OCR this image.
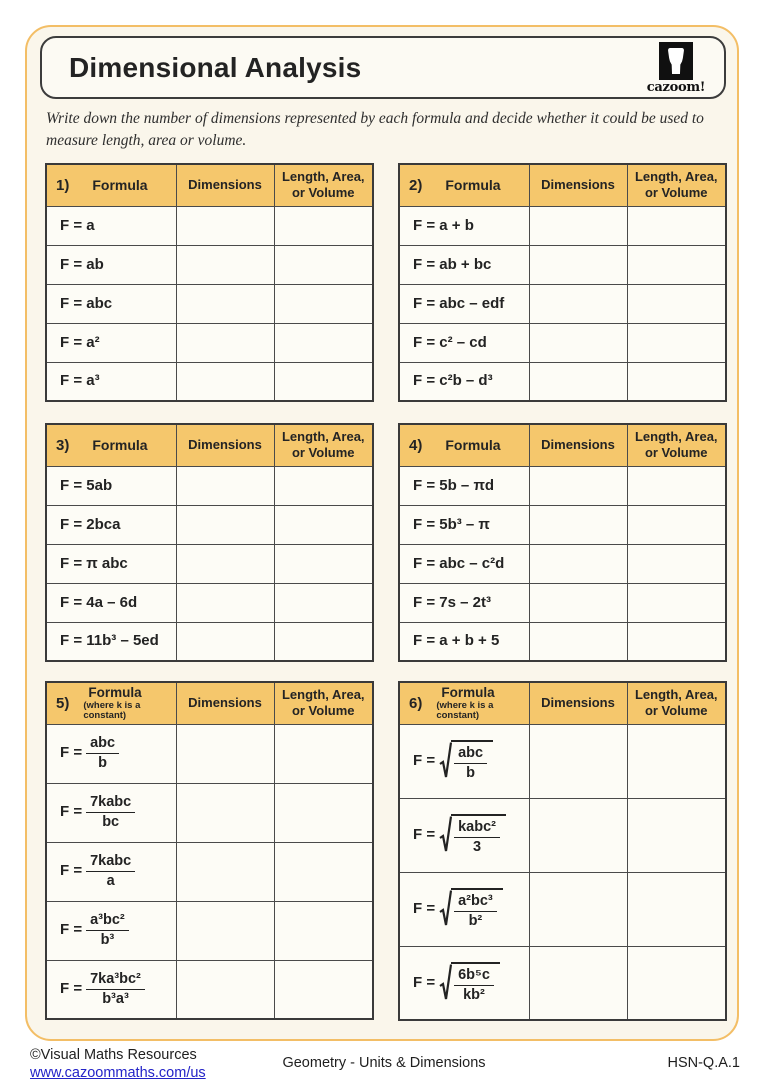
Dimensional Analysis
cazoom!
Write down the number of dimensions represented by each formula and decide whether it could be used to measure length, area or volume.
1) Formula	Dimensions	Length, Area, or Volume
F = a		
F = ab		
F = abc		
F = a²		
F = a³		
2) Formula	Dimensions	Length, Area, or Volume
F = a + b		
F = ab + bc		
F = abc – edf		
F = c² – cd		
F = c²b – d³		
3) Formula	Dimensions	Length, Area, or Volume
F = 5ab		
F = 2bca		
F = π abc		
F = 4a – 6d		
F = 11b³ – 5ed		
4) Formula	Dimensions	Length, Area, or Volume
F = 5b – πd		
F = 5b³ – π		
F = abc – c²d		
F = 7s – 2t³		
F = a + b + 5		
5)
Formula
(where k is a constant)	Dimensions	Length, Area, or Volume
$F = \frac{\text{abc}}{b}$

$F = \frac{\text{7kabc}}{bc}$

$F = \frac{\text{7kabc}}{a}$

$F = \frac{\text{a³bc²}}{\text{b³}}$

$F = \frac{\text{7ka³bc²}}{\text{b³a³}}$

6)
Formula
(where k is a constant)	Dimensions	Length, Area, or Volume
$F = \frac{\text{abc}}{b}$

$F = \frac{\text{kabc²}}{3}$

$F = \frac{\text{a²bc³}}{\text{b²}}$

$F = \frac{\text{6b⁵c}}{\text{kb²}}$

©Visual Maths Resources
www.cazoommaths.com/us
Geometry - Units & Dimensions	HSN-Q.A.1
